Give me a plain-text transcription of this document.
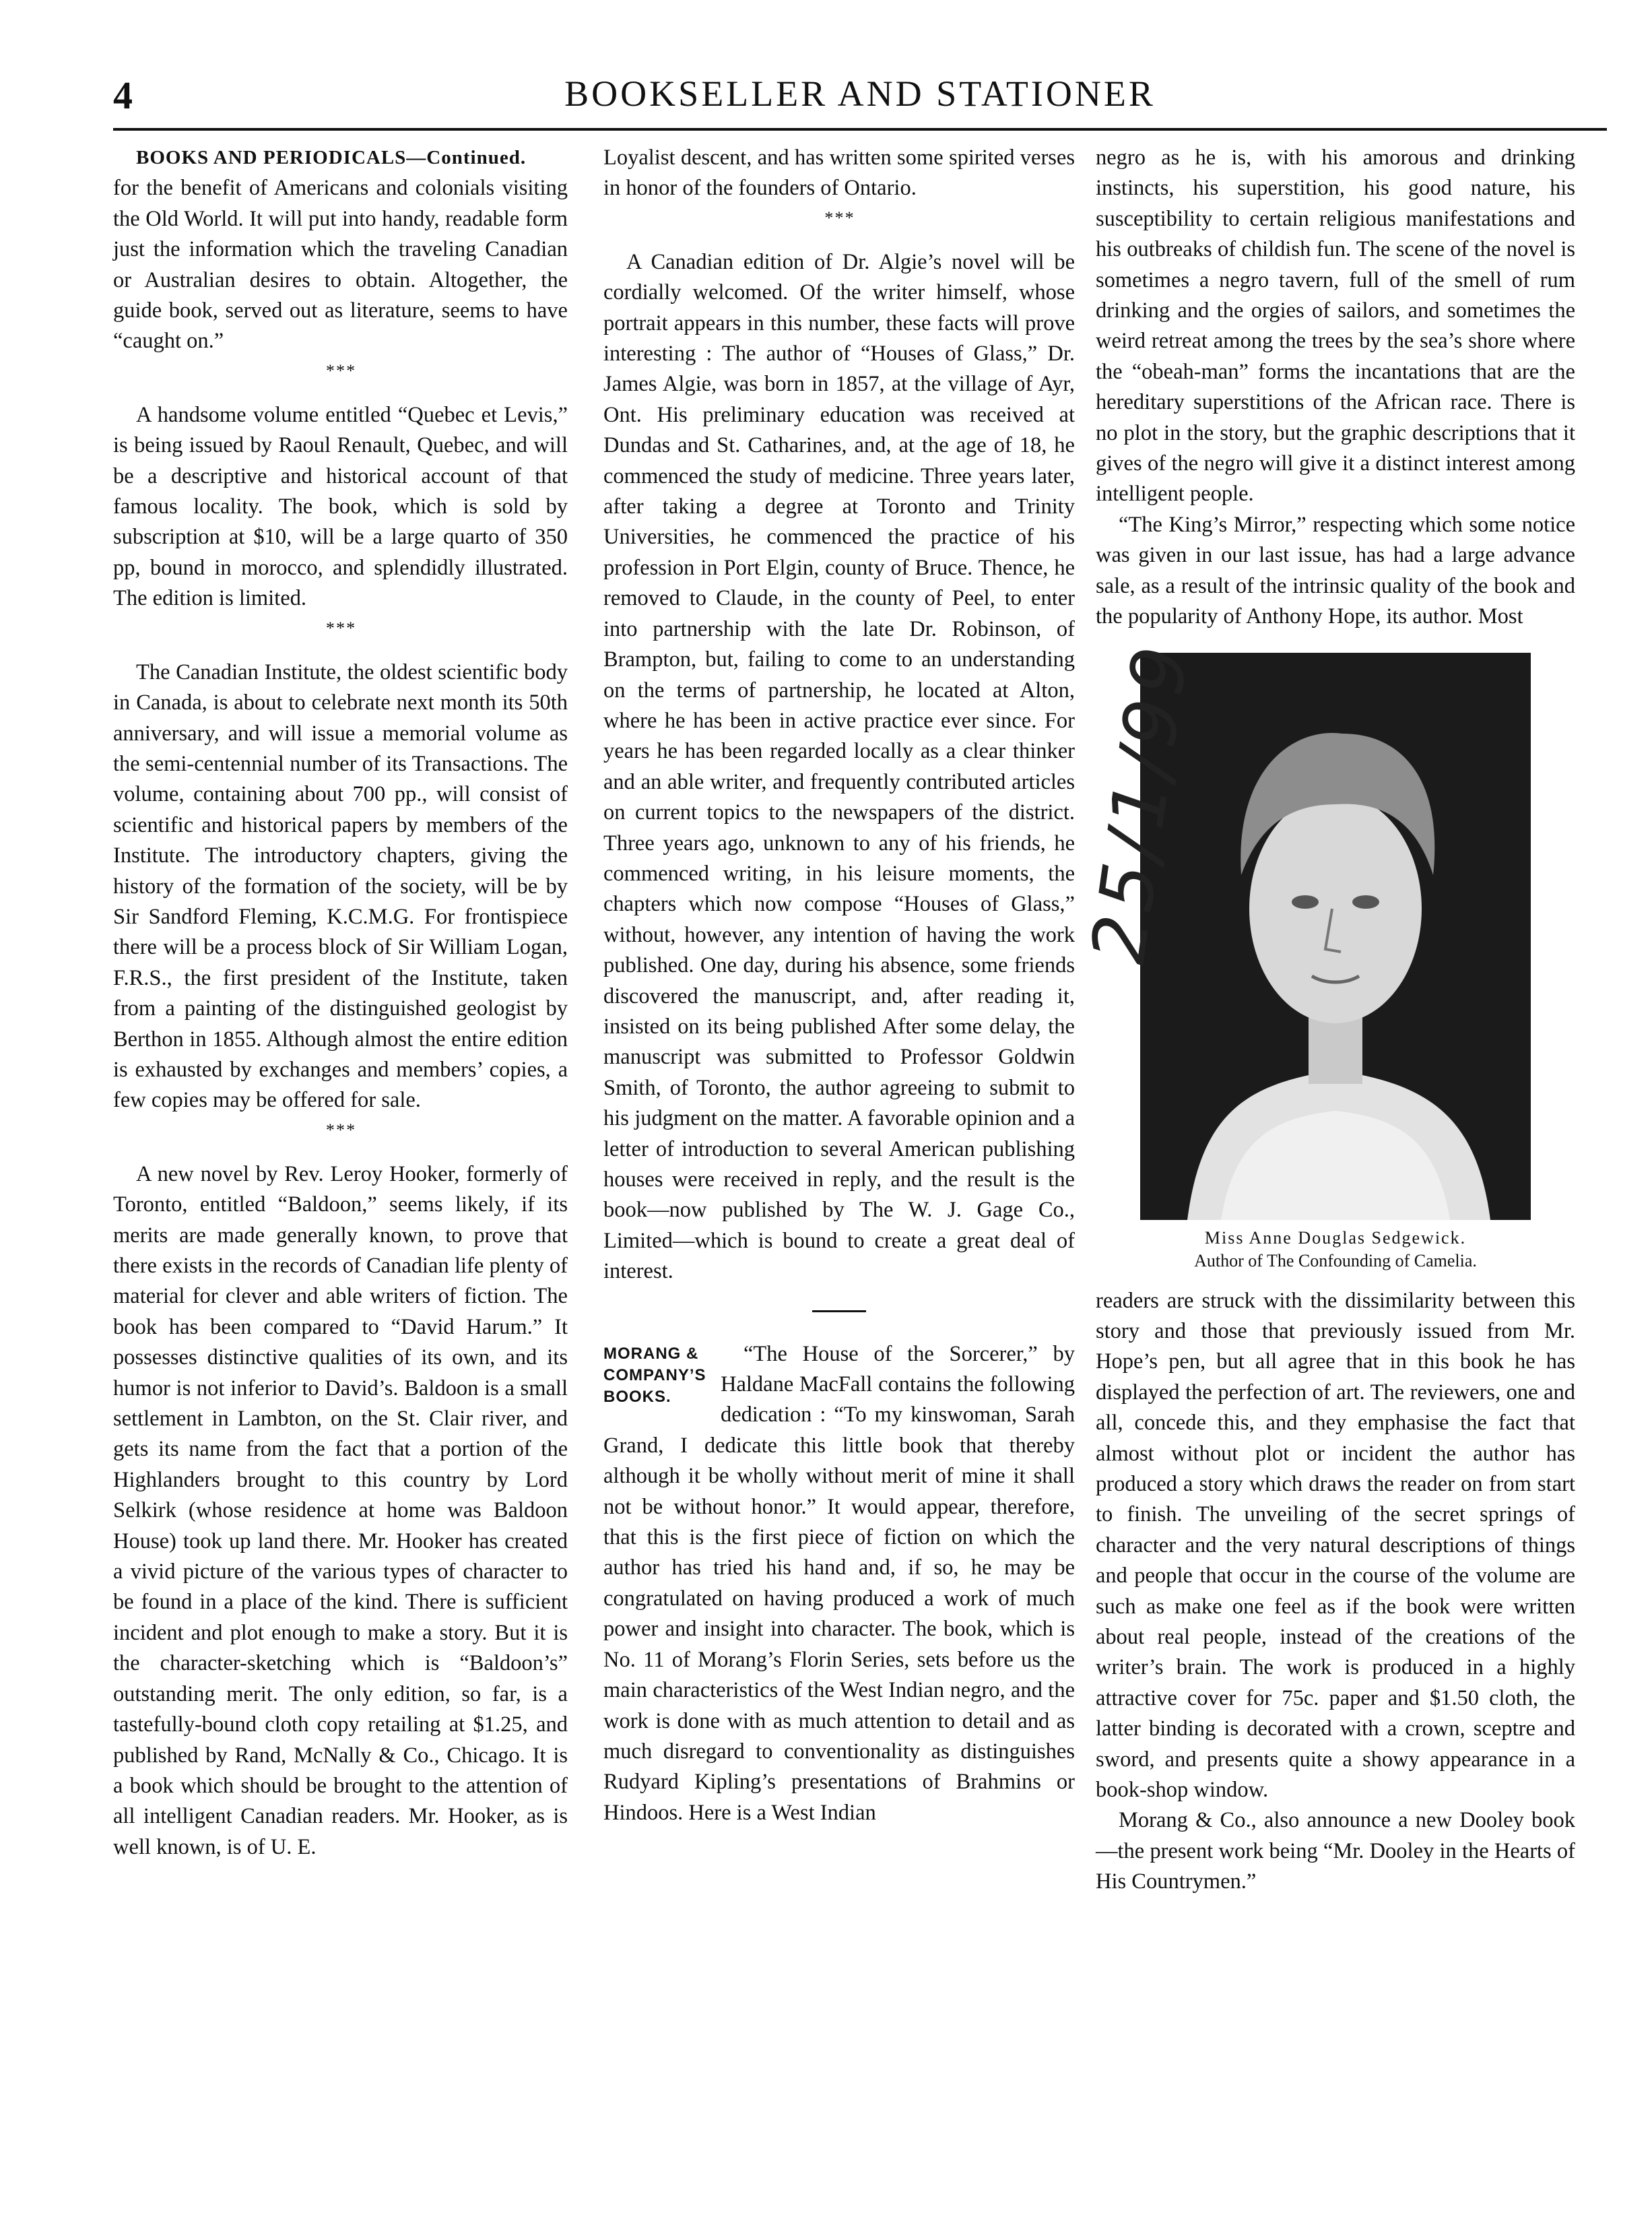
4	BOOKSELLER AND STATIONER

BOOKS AND PERIODICALS—Continued.

for the benefit of Americans and colonials visiting the Old World. It will put into handy, readable form just the information which the traveling Canadian or Australian desires to obtain. Altogether, the guide book, served out as literature, seems to have “caught on.”

* * *

A handsome volume entitled “Quebec et Levis,” is being issued by Raoul Renault, Quebec, and will be a descriptive and historical account of that famous locality. The book, which is sold by subscription at $10, will be a large quarto of 350 pp, bound in morocco, and splendidly illustrated. The edition is limited.

* * *

The Canadian Institute, the oldest scientific body in Canada, is about to celebrate next month its 50th anniversary, and will issue a memorial volume as the semi-centennial number of its Transactions. The volume, containing about 700 pp., will consist of scientific and historical papers by members of the Institute. The introductory chapters, giving the history of the formation of the society, will be by Sir Sandford Fleming, K.C.M.G. For frontispiece there will be a process block of Sir William Logan, F.R.S., the first president of the Institute, taken from a painting of the distinguished geologist by Berthon in 1855. Although almost the entire edition is exhausted by exchanges and members’ copies, a few copies may be offered for sale.

* * *

A new novel by Rev. Leroy Hooker, formerly of Toronto, entitled “Baldoon,” seems likely, if its merits are made generally known, to prove that there exists in the records of Canadian life plenty of material for clever and able writers of fiction. The book has been compared to “David Harum.” It possesses distinctive qualities of its own, and its humor is not inferior to David’s. Baldoon is a small settlement in Lambton, on the St. Clair river, and gets its name from the fact that a portion of the Highlanders brought to this country by Lord Selkirk (whose residence at home was Baldoon House) took up land there. Mr. Hooker has created a vivid picture of the various types of character to be found in a place of the kind. There is sufficient incident and plot enough to make a story. But it is the character-sketching which is “Baldoon’s” outstanding merit. The only edition, so far, is a tastefully-bound cloth copy retailing at $1.25, and published by Rand, McNally & Co., Chicago. It is a book which should be brought to the attention of all intelligent Canadian readers. Mr. Hooker, as is well known, is of U. E.

Loyalist descent, and has written some spirited verses in honor of the founders of Ontario.

* * *

A Canadian edition of Dr. Algie’s novel will be cordially welcomed. Of the writer himself, whose portrait appears in this number, these facts will prove interesting : The author of “Houses of Glass,” Dr. James Algie, was born in 1857, at the village of Ayr, Ont. His preliminary education was received at Dundas and St. Catharines, and, at the age of 18, he commenced the study of medicine. Three years later, after taking a degree at Toronto and Trinity Universities, he commenced the practice of his profession in Port Elgin, county of Bruce. Thence, he removed to Claude, in the county of Peel, to enter into partnership with the late Dr. Robinson, of Brampton, but, failing to come to an understanding on the terms of partnership, he located at Alton, where he has been in active practice ever since. For years he has been regarded locally as a clear thinker and an able writer, and frequently contributed articles on current topics to the newspapers of the district. Three years ago, unknown to any of his friends, he commenced writing, in his leisure moments, the chapters which now compose “Houses of Glass,” without, however, any intention of having the work published. One day, during his absence, some friends discovered the manuscript, and, after reading it, insisted on its being published After some delay, the manuscript was submitted to Professor Goldwin Smith, of Toronto, the author agreeing to submit to his judgment on the matter. A favorable opinion and a letter of introduction to several American publishing houses were received in reply, and the result is the book—now published by The W. J. Gage Co., Limited—which is bound to create a great deal of interest.

MORANG & COMPANY’S BOOKS.

“The House of the Sorcerer,” by Haldane MacFall contains the following dedication : “To my kinswoman, Sarah Grand, I dedicate this little book that thereby although it be wholly without merit of mine it shall not be without honor.” It would appear, therefore, that this is the first piece of fiction on which the author has tried his hand and, if so, he may be congratulated on having produced a work of much power and insight into character. The book, which is No. 11 of Morang’s Florin Series, sets before us the main characteristics of the West Indian negro, and the work is done with as much attention to detail and as much disregard to conventionality as distinguishes Rudyard Kipling’s presentations of Brahmins or Hindoos. Here is a West Indian

negro as he is, with his amorous and drinking instincts, his superstition, his good nature, his susceptibility to certain religious manifestations and his outbreaks of childish fun. The scene of the novel is sometimes a negro tavern, full of the smell of rum drinking and the orgies of sailors, and sometimes the weird retreat among the trees by the sea’s shore where the “obeah-man” forms the incantations that are the hereditary superstitions of the African race. There is no plot in the story, but the graphic descriptions that it gives of the negro will give it a distinct interest among intelligent people.

“The King’s Mirror,” respecting which some notice was given in our last issue, has had a large advance sale, as a result of the intrinsic quality of the book and the popularity of Anthony Hope, its author. Most

Miss Anne Douglas Sedgewick.
Author of The Confounding of Camelia.

readers are struck with the dissimilarity between this story and those that previously issued from Mr. Hope’s pen, but all agree that in this book he has displayed the perfection of art. The reviewers, one and all, concede this, and they emphasise the fact that almost without plot or incident the author has produced a story which draws the reader on from start to finish. The unveiling of the secret springs of character and the very natural descriptions of things and people that occur in the course of the volume are such as make one feel as if the book were written about real people, instead of the creations of the writer’s brain. The work is produced in a highly attractive cover for 75c. paper and $1.50 cloth, the latter binding is decorated with a crown, sceptre and sword, and presents quite a showy appearance in a book-shop window.

Morang & Co., also announce a new Dooley book—the present work being “Mr. Dooley in the Hearts of His Countrymen.”

25/1/99
